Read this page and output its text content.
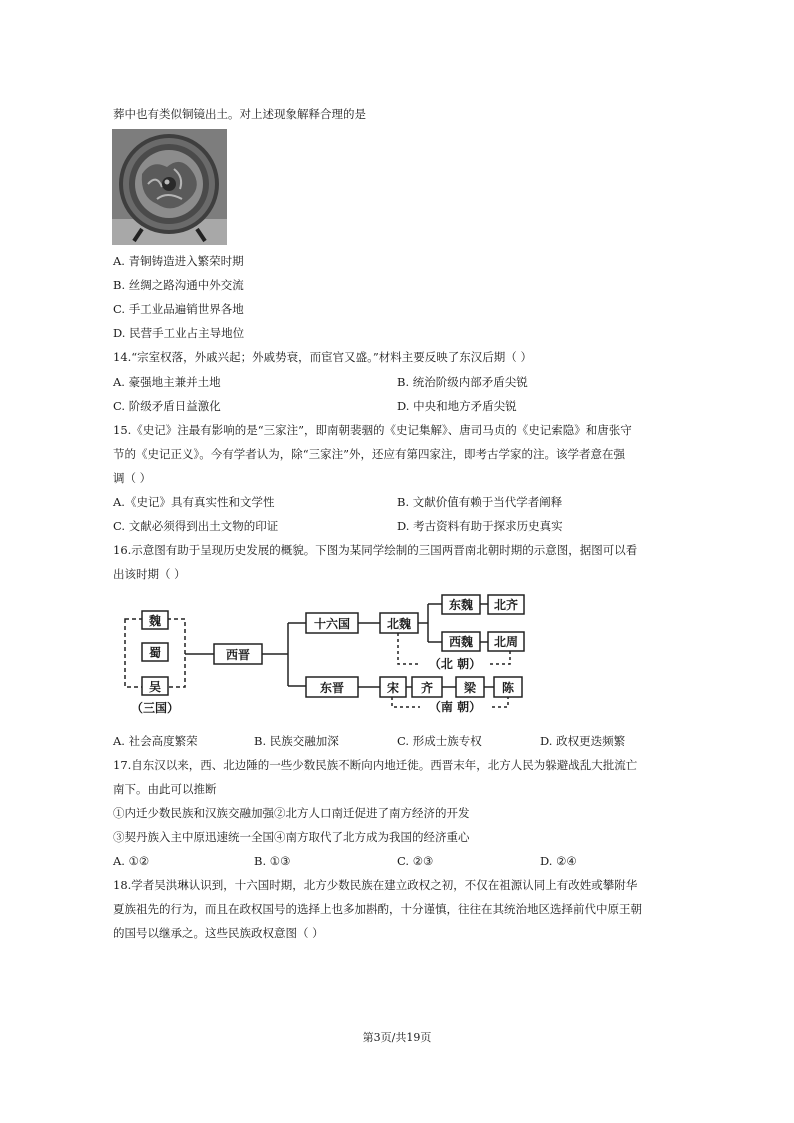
葬中也有类似铜镜出土。对上述现象解释合理的是
A. 青铜铸造进入繁荣时期
B. 丝绸之路沟通中外交流
C. 手工业品遍销世界各地
D. 民营手工业占主导地位
14.“宗室权落，外戚兴起；外戚势衰，而宦官又盛。”材料主要反映了东汉后期（ ）
A. 豪强地主兼并土地	B. 统治阶级内部矛盾尖锐
C. 阶级矛盾日益激化	D. 中央和地方矛盾尖锐
15.《史记》注最有影响的是“三家注”，即南朝裴骃的《史记集解》、唐司马贞的《史记索隐》和唐张守
节的《史记正义》。今有学者认为，除“三家注”外，还应有第四家注，即考古学家的注。该学者意在强
调（ ）
A.《史记》具有真实性和文学性	B. 文献价值有赖于当代学者阐释
C. 文献必须得到出土文物的印证	D. 考古资料有助于探求历史真实
16.示意图有助于呈现历史发展的概貌。下图为某同学绘制的三国两晋南北朝时期的示意图，据图可以看
出该时期（ ）
魏
蜀
吴
（三国）
西晋
十六国	北魏
东魏 北齐
西魏 北周
（北 朝）
东晋	宋 齐	梁 陈
（南 朝）
A. 社会高度繁荣	B. 民族交融加深	C. 形成士族专权	D. 政权更迭频繁
17.自东汉以来，西、北边陲的一些少数民族不断向内地迁徙。西晋末年，北方人民为躲避战乱大批流亡
南下。由此可以推断
①内迁少数民族和汉族交融加强②北方人口南迁促进了南方经济的开发
③契丹族入主中原迅速统一全国④南方取代了北方成为我国的经济重心
A. ①②	B. ①③	C. ②③	D. ②④
18.学者吴洪琳认识到，十六国时期，北方少数民族在建立政权之初，不仅在祖源认同上有改姓或攀附华
夏族祖先的行为，而且在政权国号的选择上也多加斟酌，十分谨慎，往往在其统治地区选择前代中原王朝
的国号以继承之。这些民族政权意图（ ）
第3页/共19页
